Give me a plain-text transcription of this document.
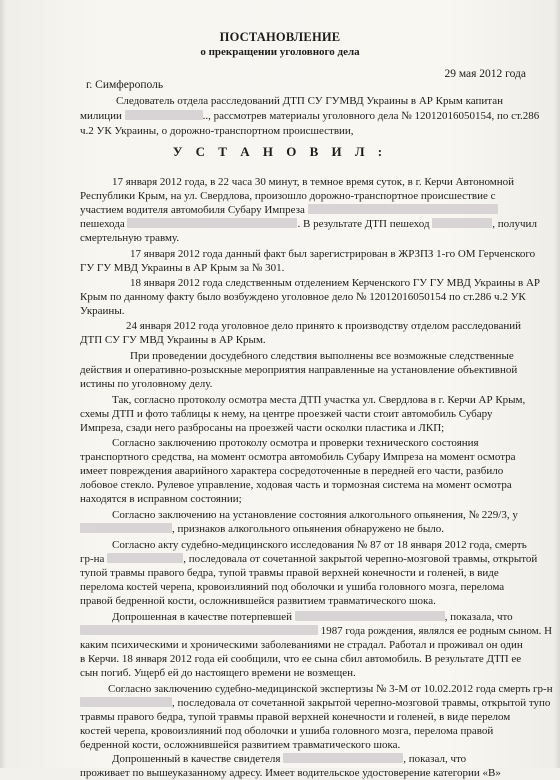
ПОСТАНОВЛЕНИЕ
о прекращении уголовного дела
29 мая 2012 года
г. Симферополь
Следователь отдела расследований ДТП СУ ГУМВД Украины в АР Крым капитан
милиции	.., рассмотрев материалы уголовного дела № 12012016050154, по ст.286
ч.2 УК Украины, о дорожно-транспортном происшествии,
У С Т А Н О В И Л :
17 января 2012 года, в 22 часа 30 минут, в темное время суток, в г. Керчи Автономной
Республики Крым, на ул. Свердлова, произошло дорожно-транспортное происшествие с
участием водителя автомобиля Субару Импреза
пешехода	. В результате ДТП пешеход	, получил
смертельную травму.
17 января 2012 года данный факт был зарегистрирован в ЖРЗПЗ 1-го ОМ Герченского
ГУ ГУ МВД Украины в АР Крым за № 301.
18 января 2012 года следственным отделением Керченского ГУ ГУ МВД Украины в АР
Крым по данному факту было возбуждено уголовное дело № 12012016050154 по ст.286 ч.2 УК
Украины.
24 января 2012 года уголовное дело принято к производству отделом расследований
ДТП СУ ГУ МВД Украины в АР Крым.
При проведении досудебного следствия выполнены все возможные следственные
действия и оперативно-розыскные мероприятия направленные на установление объективной
истины по уголовному делу.
Так, согласно протоколу осмотра места ДТП участка ул. Свердлова в г. Керчи АР Крым,
схемы ДТП и фото таблицы к нему, на центре проезжей части стоит автомобиль Субару
Импреза, сзади него разбросаны на проезжей части осколки пластика и ЛКП;
Согласно заключению протоколу осмотра и проверки технического состояния
транспортного средства, на момент осмотра автомобиль Субару Импреза на момент осмотра
имеет повреждения аварийного характера сосредоточенные в передней его части, разбило
лобовое стекло. Рулевое управление, ходовая часть и тормозная система на момент осмотра
находятся в исправном состоянии;
Согласно заключению на установление состояния алкогольного опьянения, № 229/3, у
, признаков алкогольного опьянения обнаружено не было.
Согласно акту судебно-медицинского исследования № 87 от 18 января 2012 года, смерть
гр-на	, последовала от сочетанной закрытой черепно-мозговой травмы, открытой
тупой травмы правого бедра, тупой травмы правой верхней конечности и голеней, в виде
перелома костей черепа, кровоизлияний под оболочки и ушиба головного мозга, перелома
правой бедренной кости, осложнившейся развитием травматического шока.
Допрошенная в качестве потерпевшей	, показала, что
1987 года рождения, являлся ее родным сыном. Н
каким психическими и хроническими заболеваниями не страдал. Работал и проживал он один
в Керчи. 18 января 2012 года ей сообщили, что ее сына сбил автомобиль. В результате ДТП ее
сын погиб. Ущерб ей до настоящего времени не возмещен.
Согласно заключению судебно-медицинской экспертизы № 3-М от 10.02.2012 года смерть гр-н
, последовала от сочетанной закрытой черепно-мозговой травмы, открытой тупо
травмы правого бедра, тупой травмы правой верхней конечности и голеней, в виде перелом
костей черепа, кровоизлияний под оболочки и ушиба головного мозга, перелома правой
бедренной кости, осложнившейся развитием травматического шока.
Допрошенный в качестве свидетеля	, показал, что
проживает по вышеуказанному адресу. Имеет водительское удостоверение категории «В»
